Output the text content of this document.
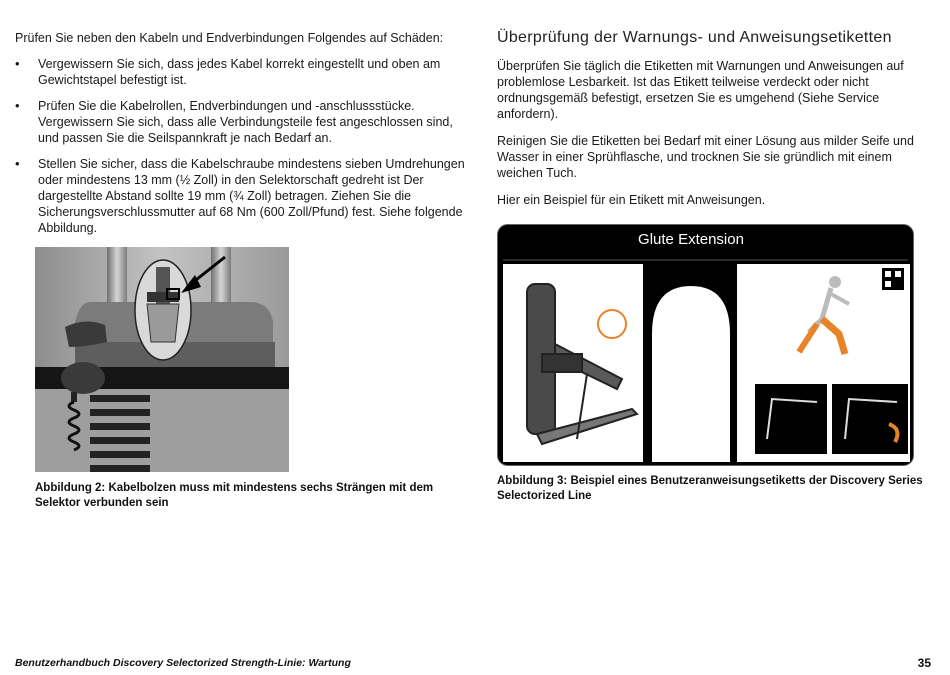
Prüfen Sie neben den Kabeln und Endverbindungen Folgendes auf Schäden:

• Vergewissern Sie sich, dass jedes Kabel korrekt eingestellt und oben am Gewichtstapel befestigt ist.
• Prüfen Sie die Kabelrollen, Endverbindungen und -anschlussstücke. Vergewissern Sie sich, dass alle Verbindungsteile fest angeschlossen sind, und passen Sie die Seilspannkraft je nach Bedarf an.
• Stellen Sie sicher, dass die Kabelschraube mindestens sieben Umdrehungen oder mindestens 13 mm (½ Zoll) in den Selektorschaft gedreht ist Der dargestellte Abstand sollte 19 mm (¾ Zoll) betragen. Ziehen Sie die Sicherungsverschlussmutter auf 68 Nm (600 Zoll/Pfund) fest. Siehe folgende Abbildung.
Abbildung 2: Kabelbolzen muss mit mindestens sechs Strängen mit dem Selektor verbunden sein
Überprüfung der Warnungs- und Anweisungsetiketten

Überprüfen Sie täglich die Etiketten mit Warnungen und Anweisungen auf problemlose Lesbarkeit. Ist das Etikett teilweise verdeckt oder nicht ordnungsgemäß befestigt, ersetzen Sie es umgehend (Siehe Service anfordern).

Reinigen Sie die Etiketten bei Bedarf mit einer Lösung aus milder Seife und Wasser in einer Sprühflasche, und trocknen Sie sie gründlich mit einem weichen Tuch.

Hier ein Beispiel für ein Etikett mit Anweisungen.

Glute Extension
Abbildung 3: Beispiel eines Benutzeranweisungsetiketts der Discovery Series Selectorized Line
Benutzerhandbuch Discovery Selectorized Strength-Linie: Wartung	35
